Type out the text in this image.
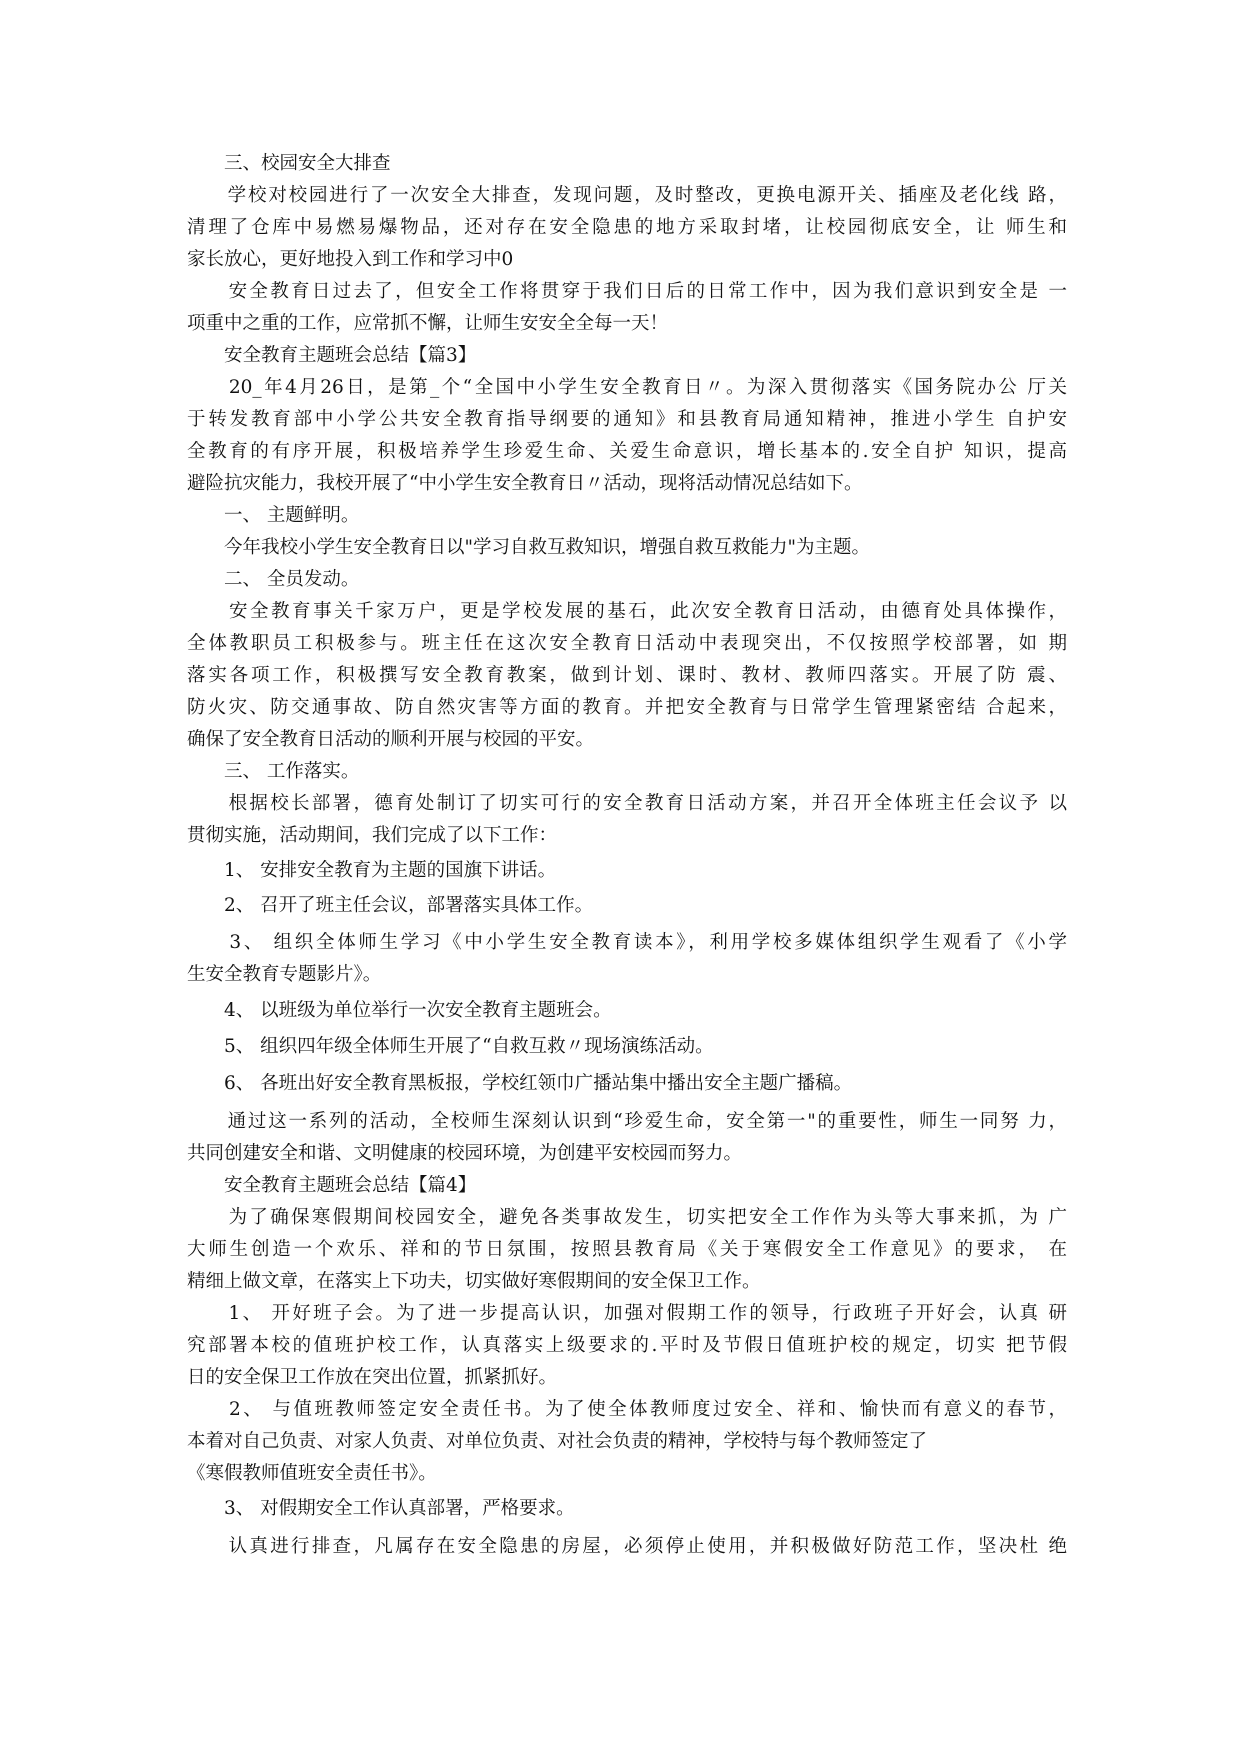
　　三、校园安全大排查
　　学校对校园进行了一次安全大排查，发现问题，及时整改，更换电源开关、插座及老化线 路，
清理了仓库中易燃易爆物品，还对存在安全隐患的地方采取封堵，让校园彻底安全，让 师生和
家长放心，更好地投入到工作和学习中0
　　安全教育日过去了，但安全工作将贯穿于我们日后的日常工作中，因为我们意识到安全是 一
项重中之重的工作，应常抓不懈，让师生安安全全每一天！
　　安全教育主题班会总结【篇3】
　　20_年4月26日，是第_个“全国中小学生安全教育日〃。为深入贯彻落实《国务院办公 厅关
于转发教育部中小学公共安全教育指导纲要的通知》和县教育局通知精神，推进小学生 自护安
全教育的有序开展，积极培养学生珍爱生命、关爱生命意识，增长基本的.安全自护 知识，提高
避险抗灾能力，我校开展了“中小学生安全教育日〃活动，现将活动情况总结如下。
　　一、 主题鲜明。
　　今年我校小学生安全教育日以"学习自救互救知识，增强自救互救能力"为主题。
　　二、 全员发动。
　　安全教育事关千家万户，更是学校发展的基石，此次安全教育日活动，由德育处具体操作，
全体教职员工积极参与。班主任在这次安全教育日活动中表现突出，不仅按照学校部署，如 期
落实各项工作，积极撰写安全教育教案，做到计划、课时、教材、教师四落实。开展了防 震、
防火灾、防交通事故、防自然灾害等方面的教育。并把安全教育与日常学生管理紧密结 合起来，
确保了安全教育日活动的顺利开展与校园的平安。
　　三、 工作落实。
　　根据校长部署，德育处制订了切实可行的安全教育日活动方案，并召开全体班主任会议予 以
贯彻实施，活动期间，我们完成了以下工作：
　　1、 安排安全教育为主题的国旗下讲话。
　　2、 召开了班主任会议，部署落实具体工作。
　　3、 组织全体师生学习《中小学生安全教育读本》，利用学校多媒体组织学生观看了《小学
生安全教育专题影片》。
　　4、 以班级为单位举行一次安全教育主题班会。
　　5、 组织四年级全体师生开展了“自救互救〃现场演练活动。
　　6、 各班出好安全教育黑板报，学校红领巾广播站集中播出安全主题广播稿。
　　通过这一系列的活动，全校师生深刻认识到“珍爱生命，安全第一"的重要性，师生一同努 力，
共同创建安全和谐、文明健康的校园环境，为创建平安校园而努力。
　　安全教育主题班会总结【篇4】
　　为了确保寒假期间校园安全，避免各类事故发生，切实把安全工作作为头等大事来抓，为 广
大师生创造一个欢乐、祥和的节日氛围，按照县教育局《关于寒假安全工作意见》的要求， 在
精细上做文章，在落实上下功夫，切实做好寒假期间的安全保卫工作。
　　1、 开好班子会。为了进一步提高认识，加强对假期工作的领导，行政班子开好会，认真 研
究部署本校的值班护校工作，认真落实上级要求的.平时及节假日值班护校的规定，切实 把节假
日的安全保卫工作放在突出位置，抓紧抓好。
　　2、 与值班教师签定安全责任书。为了使全体教师度过安全、祥和、愉快而有意义的春节，
本着对自己负责、对家人负责、对单位负责、对社会负责的精神，学校特与每个教师签定了
《寒假教师值班安全责任书》。
　　3、 对假期安全工作认真部署，严格要求。
　　认真进行排查，凡属存在安全隐患的房屋，必须停止使用，并积极做好防范工作，坚决杜 绝
